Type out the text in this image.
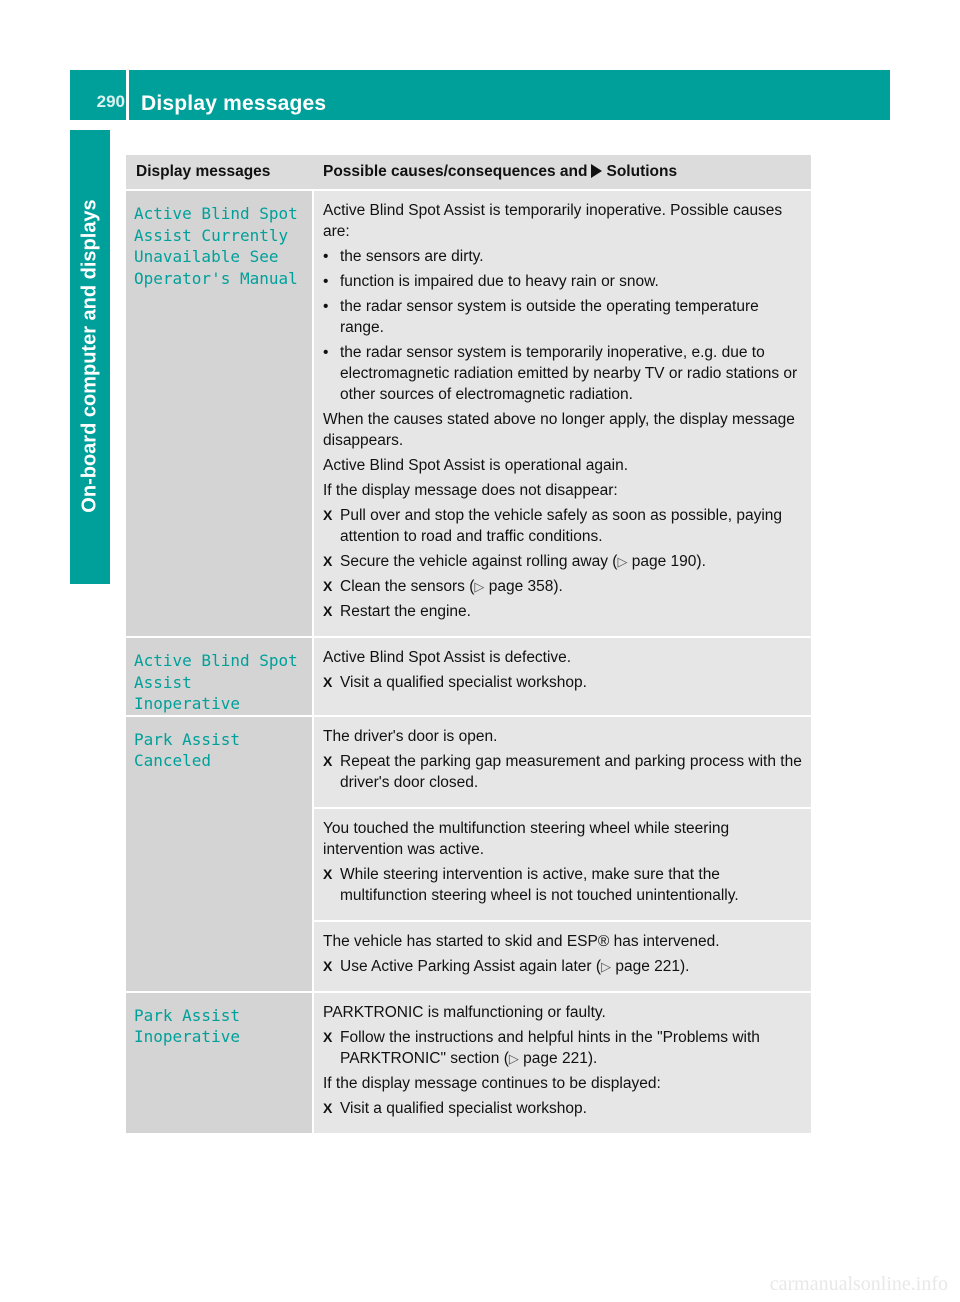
290 Display messages
On-board computer and displays
Display messages	Possible causes/consequences and Solutions
Active Blind Spot
Assist Currently
Unavailable See
Operator's Manual
Active Blind Spot Assist is temporarily inoperative. Possible causes are:
• the sensors are dirty.
• function is impaired due to heavy rain or snow.
• the radar sensor system is outside the operating temperature range.
• the radar sensor system is temporarily inoperative, e.g. due to electromagnetic radiation emitted by nearby TV or radio stations or other sources of electromagnetic radiation.
When the causes stated above no longer apply, the display message disappears.
Active Blind Spot Assist is operational again.
If the display message does not disappear:
X Pull over and stop the vehicle safely as soon as possible, paying attention to road and traffic conditions.
X Secure the vehicle against rolling away (▷ page 190).
X Clean the sensors (▷ page 358).
X Restart the engine.
Active Blind Spot
Assist Inoperative
Active Blind Spot Assist is defective.
X Visit a qualified specialist workshop.
Park Assist
Canceled
The driver's door is open.
X Repeat the parking gap measurement and parking process with the driver's door closed.
You touched the multifunction steering wheel while steering intervention was active.
X While steering intervention is active, make sure that the multifunction steering wheel is not touched unintentionally.
The vehicle has started to skid and ESP® has intervened.
X Use Active Parking Assist again later (▷ page 221).
Park Assist
Inoperative
PARKTRONIC is malfunctioning or faulty.
X Follow the instructions and helpful hints in the "Problems with PARKTRONIC" section (▷ page 221).
If the display message continues to be displayed:
X Visit a qualified specialist workshop.
carmanualsonline.info
